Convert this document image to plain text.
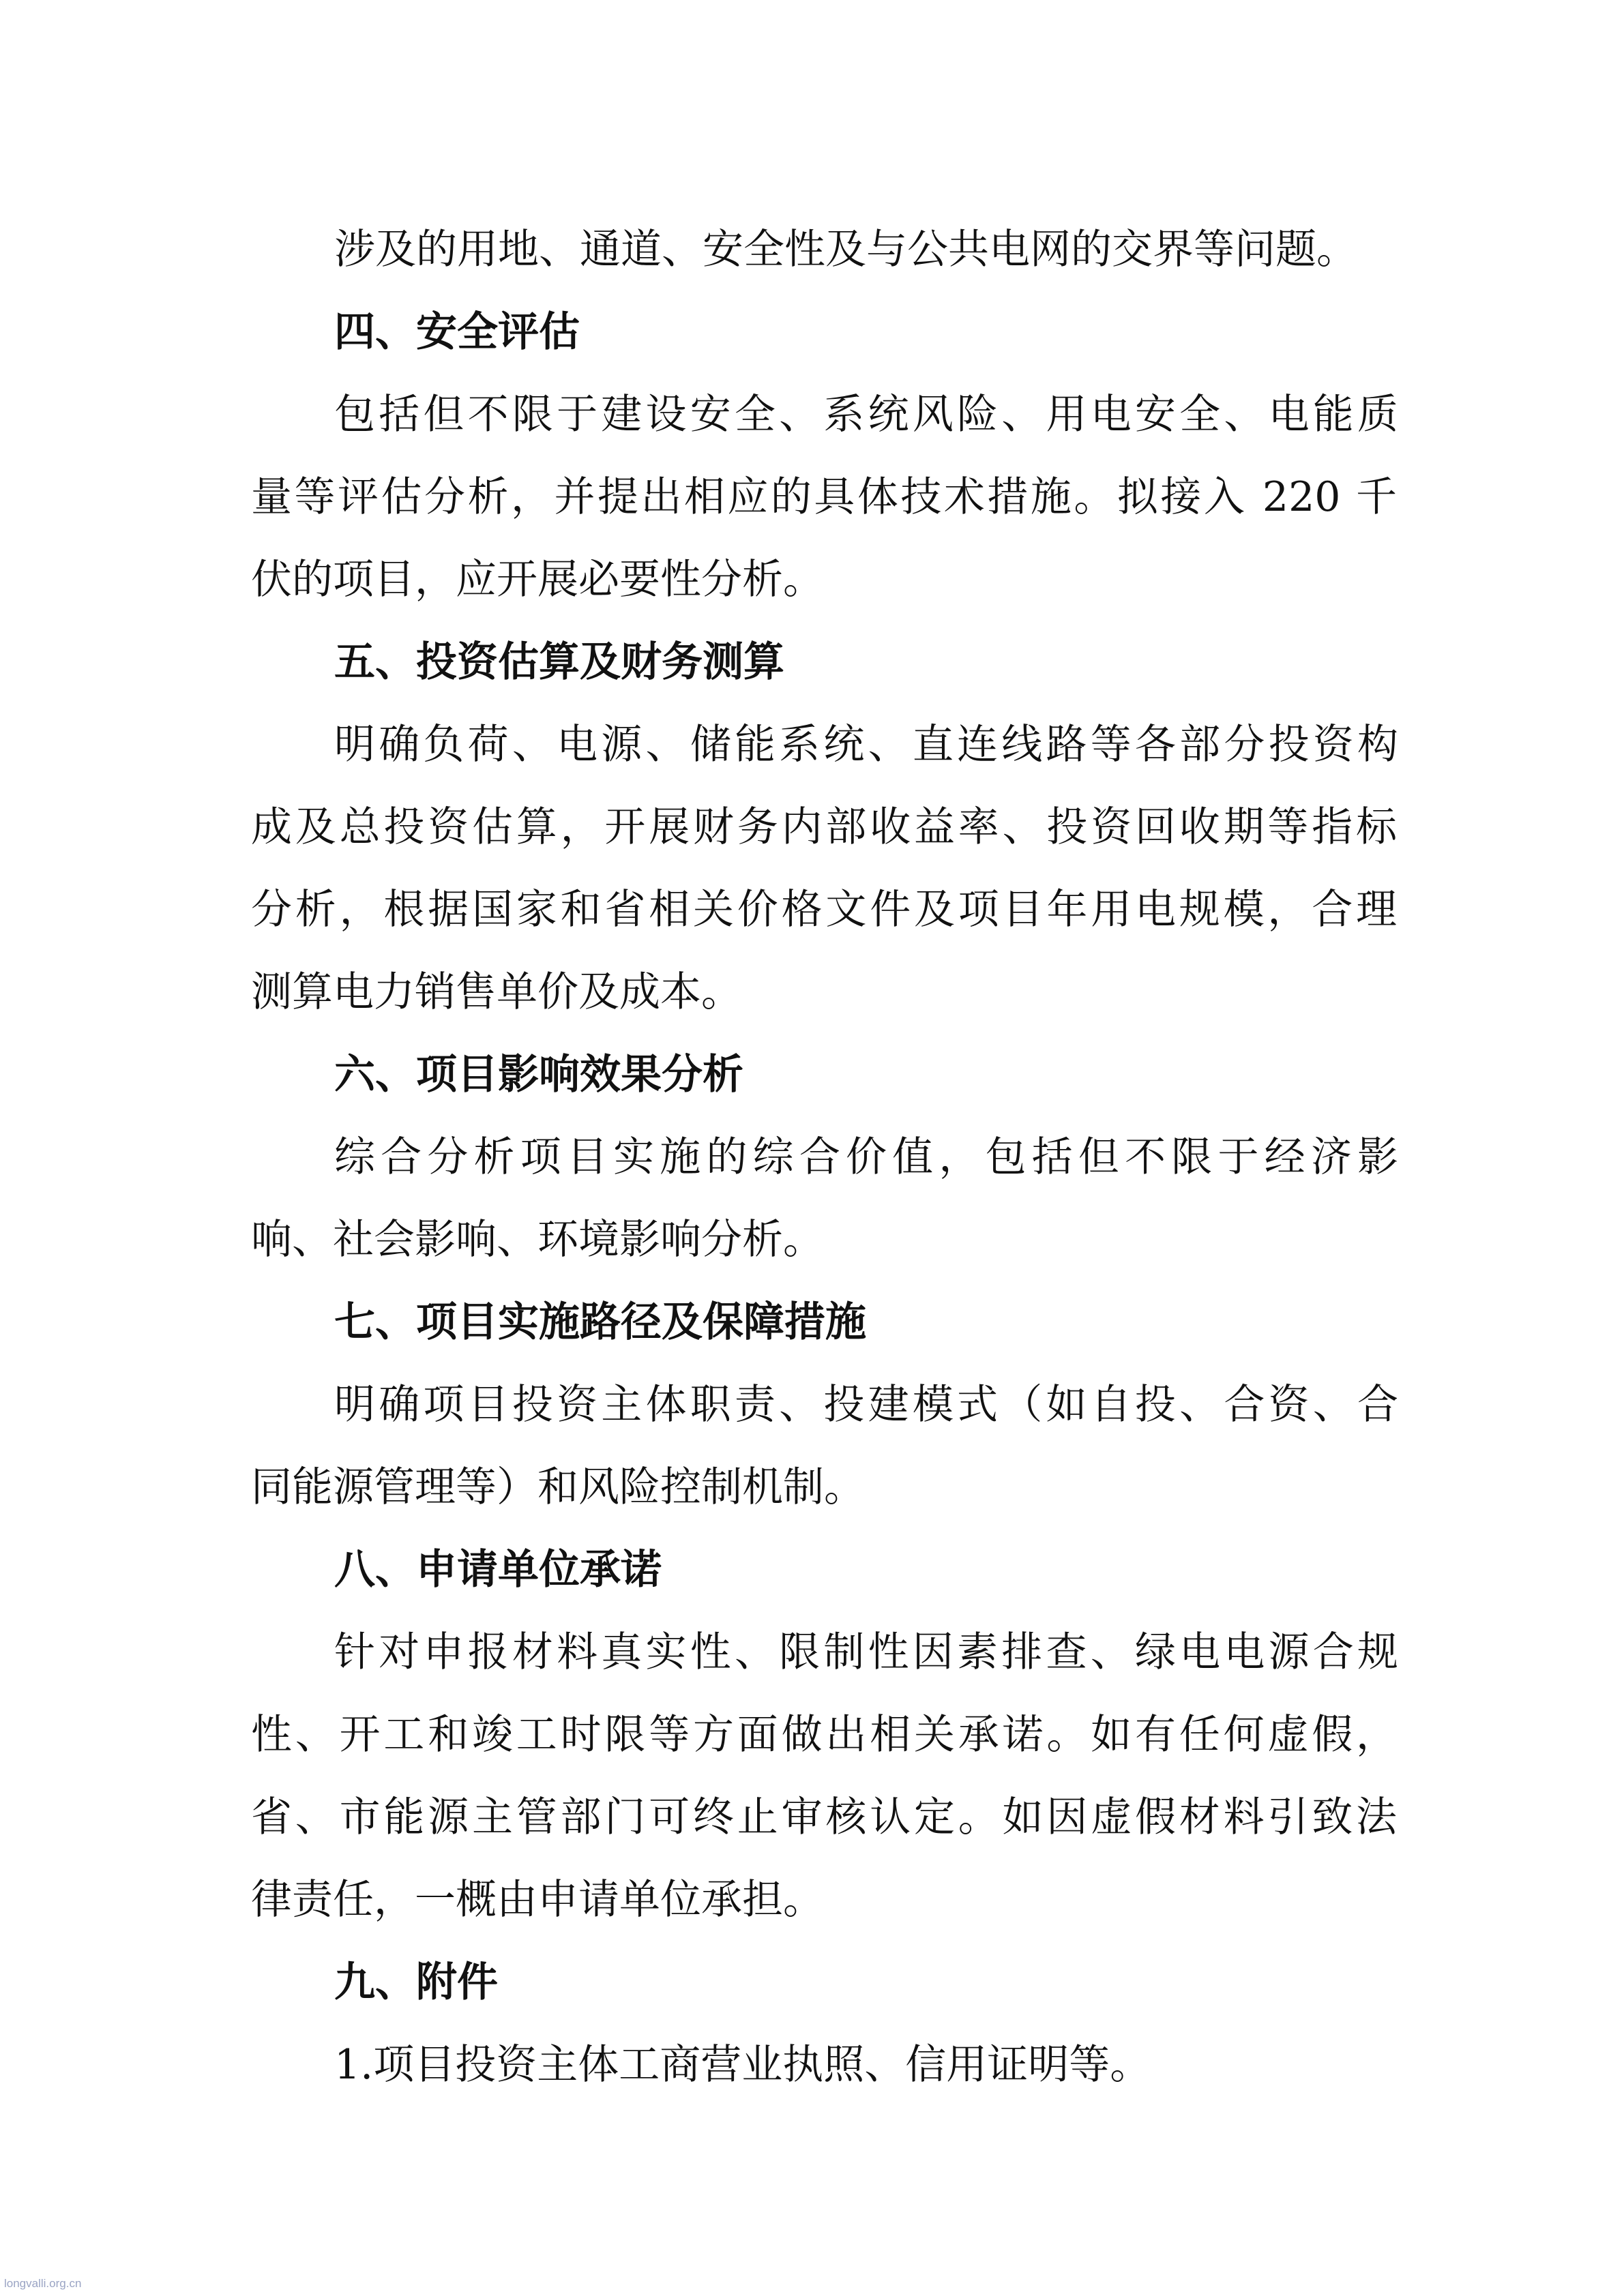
涉及的用地、通道、安全性及与公共电网的交界等问题。
四、安全评估
包括但不限于建设安全、系统风险、用电安全、电能质
量等评估分析，并提出相应的具体技术措施。拟接入 220 千
伏的项目，应开展必要性分析。
五、投资估算及财务测算
明确负荷、电源、储能系统、直连线路等各部分投资构
成及总投资估算，开展财务内部收益率、投资回收期等指标
分析，根据国家和省相关价格文件及项目年用电规模，合理
测算电力销售单价及成本。
六、项目影响效果分析
综合分析项目实施的综合价值，包括但不限于经济影
响、社会影响、环境影响分析。
七、项目实施路径及保障措施
明确项目投资主体职责、投建模式（如自投、合资、合
同能源管理等）和风险控制机制。
八、申请单位承诺
针对申报材料真实性、限制性因素排查、绿电电源合规
性、开工和竣工时限等方面做出相关承诺。如有任何虚假，
省、市能源主管部门可终止审核认定。如因虚假材料引致法
律责任，一概由申请单位承担。
九、附件
1.项目投资主体工商营业执照、信用证明等。
longvalli.org.cn
